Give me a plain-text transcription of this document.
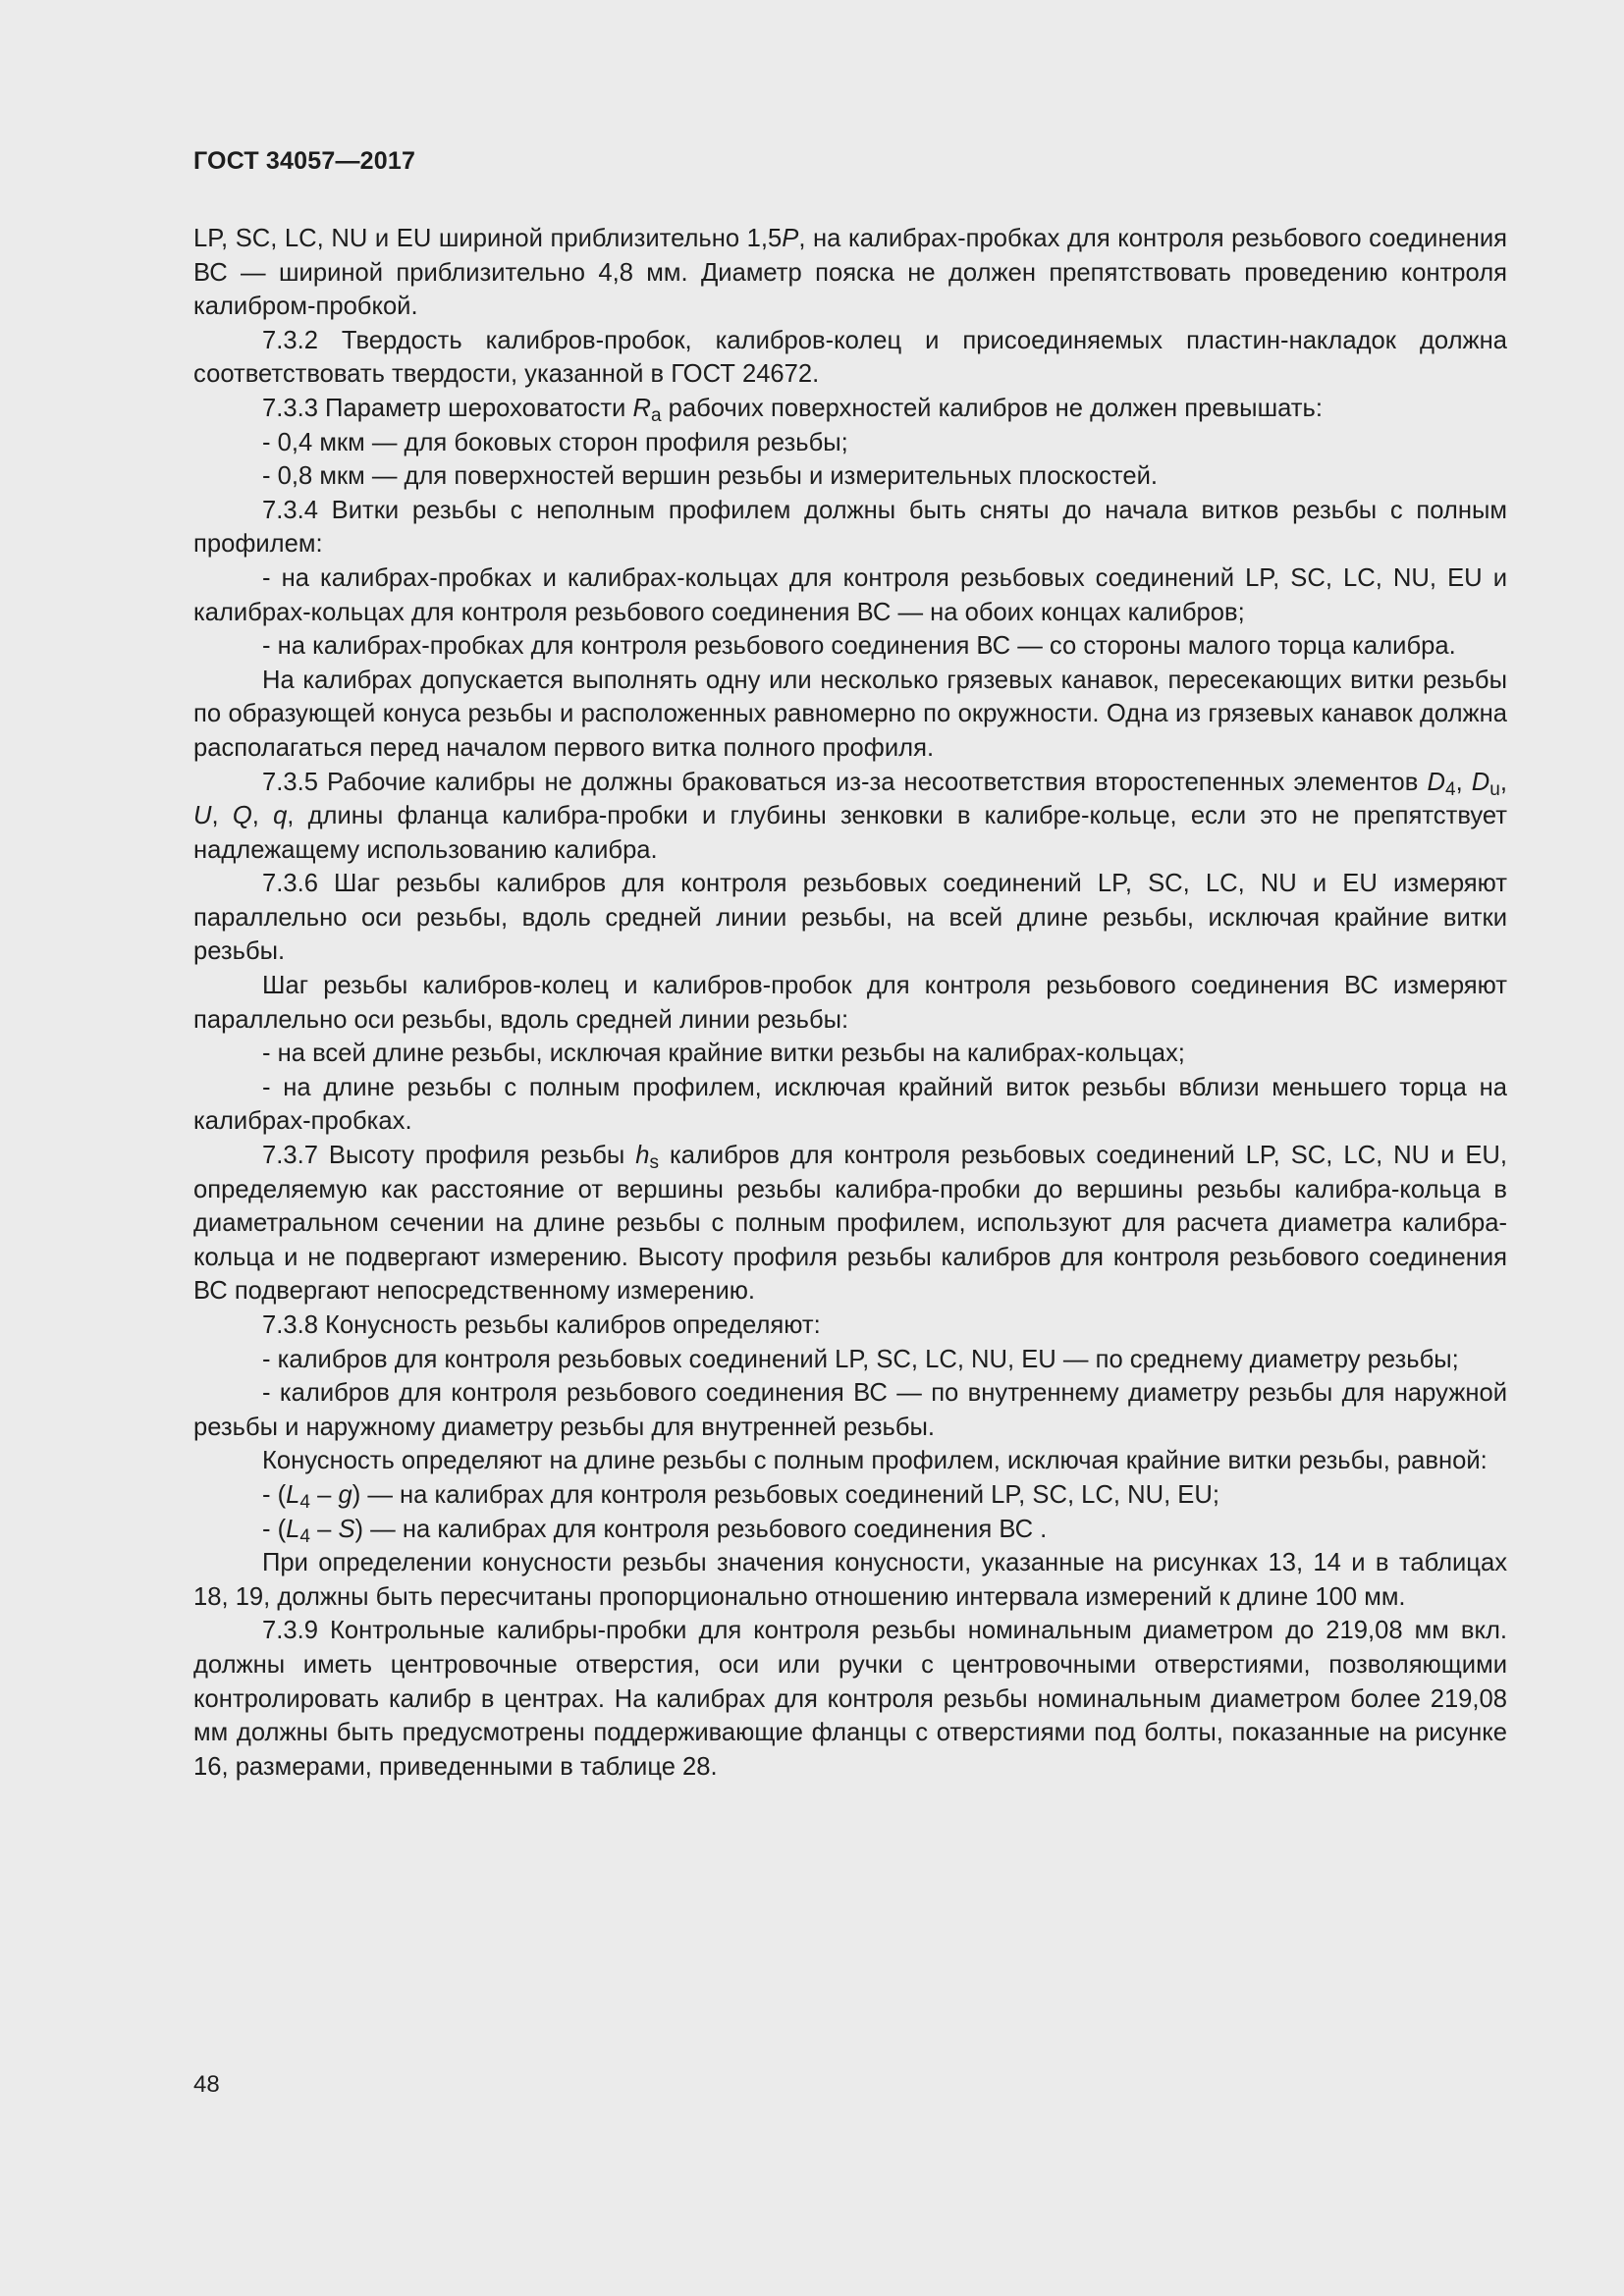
ГОСТ 34057—2017

LP, SC, LC, NU и EU шириной приблизительно 1,5P, на калибрах-пробках для контроля резьбового соединения ВС — шириной приблизительно 4,8 мм. Диаметр пояска не должен препятствовать проведению контроля калибром-пробкой.

7.3.2 Твердость калибров-пробок, калибров-колец и присоединяемых пластин-накладок должна соответствовать твердости, указанной в ГОСТ 24672.

7.3.3 Параметр шероховатости $R_a$ рабочих поверхностей калибров не должен превышать:

- 0,4 мкм — для боковых сторон профиля резьбы;

- 0,8 мкм — для поверхностей вершин резьбы и измерительных плоскостей.

7.3.4 Витки резьбы с неполным профилем должны быть сняты до начала витков резьбы с полным профилем:

- на калибрах-пробках и калибрах-кольцах для контроля резьбовых соединений LP, SC, LC, NU, EU и калибрах-кольцах для контроля резьбового соединения ВС — на обоих концах калибров;

- на калибрах-пробках для контроля резьбового соединения ВС — со стороны малого торца калибра.

На калибрах допускается выполнять одну или несколько грязевых канавок, пересекающих витки резьбы по образующей конуса резьбы и расположенных равномерно по окружности. Одна из грязевых канавок должна располагаться перед началом первого витка полного профиля.

7.3.5 Рабочие калибры не должны браковаться из-за несоответствия второстепенных элементов $D_4$, $D_u$, U, Q, q, длины фланца калибра-пробки и глубины зенковки в калибре-кольце, если это не препятствует надлежащему использованию калибра.

7.3.6 Шаг резьбы калибров для контроля резьбовых соединений LP, SC, LC, NU и EU измеряют параллельно оси резьбы, вдоль средней линии резьбы, на всей длине резьбы, исключая крайние витки резьбы.

Шаг резьбы калибров-колец и калибров-пробок для контроля резьбового соединения ВС измеряют параллельно оси резьбы, вдоль средней линии резьбы:

- на всей длине резьбы, исключая крайние витки резьбы на калибрах-кольцах;

- на длине резьбы с полным профилем, исключая крайний виток резьбы вблизи меньшего торца на калибрах-пробках.

7.3.7 Высоту профиля резьбы $h_s$ калибров для контроля резьбовых соединений LP, SC, LC, NU и EU, определяемую как расстояние от вершины резьбы калибра-пробки до вершины резьбы калибра-кольца в диаметральном сечении на длине резьбы с полным профилем, используют для расчета диаметра калибра-кольца и не подвергают измерению. Высоту профиля резьбы калибров для контроля резьбового соединения ВС подвергают непосредственному измерению.

7.3.8 Конусность резьбы калибров определяют:

- калибров для контроля резьбовых соединений LP, SC, LC, NU, EU — по среднему диаметру резьбы;

- калибров для контроля резьбового соединения ВС — по внутреннему диаметру резьбы для наружной резьбы и наружному диаметру резьбы для внутренней резьбы.

Конусность определяют на длине резьбы с полным профилем, исключая крайние витки резьбы, равной:

- $(L_4 - g)$ — на калибрах для контроля резьбовых соединений LP, SC, LC, NU, EU;

- $(L_4 - S)$ — на калибрах для контроля резьбового соединения ВС .

При определении конусности резьбы значения конусности, указанные на рисунках 13, 14 и в таблицах 18, 19, должны быть пересчитаны пропорционально отношению интервала измерений к длине 100 мм.

7.3.9 Контрольные калибры-пробки для контроля резьбы номинальным диаметром до 219,08 мм вкл. должны иметь центровочные отверстия, оси или ручки с центровочными отверстиями, позволяющими контролировать калибр в центрах. На калибрах для контроля резьбы номинальным диаметром более 219,08 мм должны быть предусмотрены поддерживающие фланцы с отверстиями под болты, показанные на рисунке 16, размерами, приведенными в таблице 28.

48
